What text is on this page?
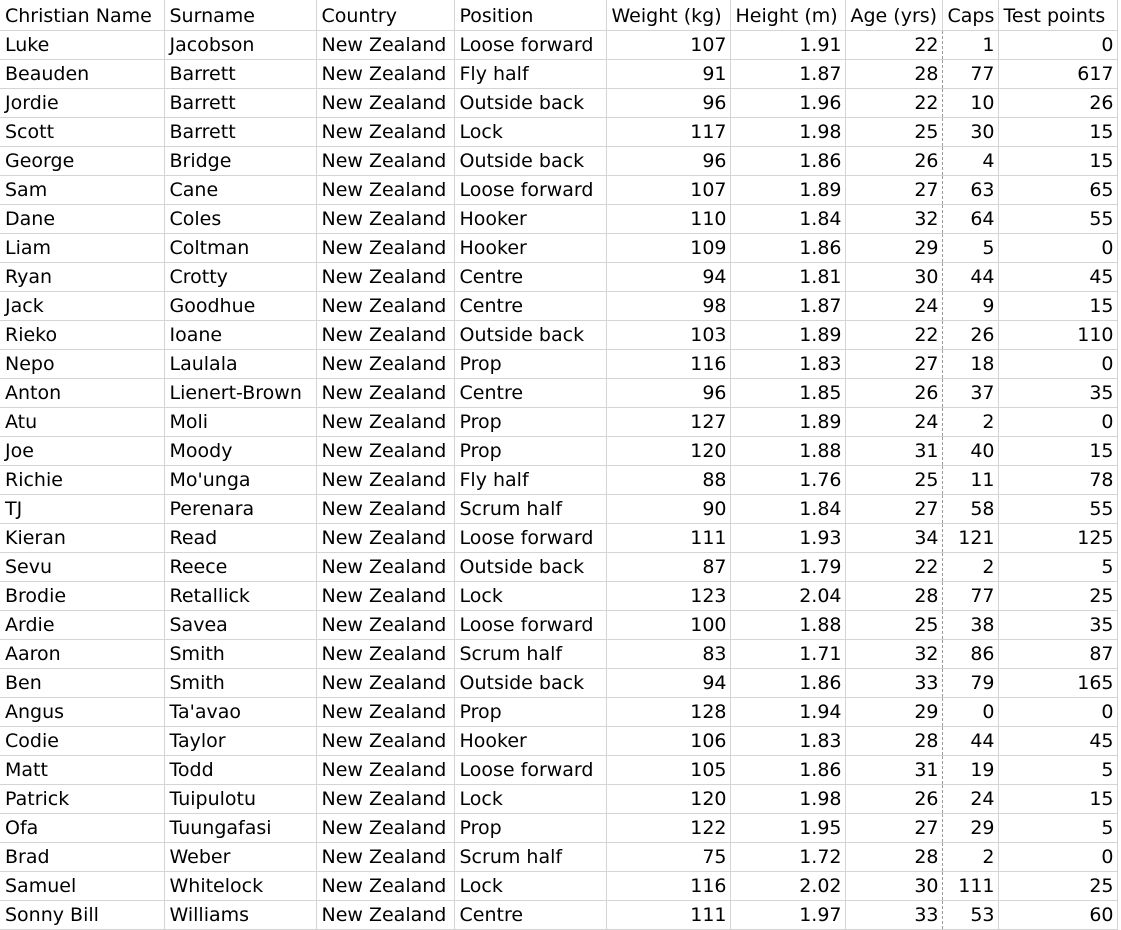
Christian Name	Surname	Country	Position	Weight (kg)	Height (m)	Age (yrs)	Caps	Test points
Luke	Jacobson	New Zealand	Loose forward	107	1.91	22	1	0
Beauden	Barrett	New Zealand	Fly half	91	1.87	28	77	617
Jordie	Barrett	New Zealand	Outside back	96	1.96	22	10	26
Scott	Barrett	New Zealand	Lock	117	1.98	25	30	15
George	Bridge	New Zealand	Outside back	96	1.86	26	4	15
Sam	Cane	New Zealand	Loose forward	107	1.89	27	63	65
Dane	Coles	New Zealand	Hooker	110	1.84	32	64	55
Liam	Coltman	New Zealand	Hooker	109	1.86	29	5	0
Ryan	Crotty	New Zealand	Centre	94	1.81	30	44	45
Jack	Goodhue	New Zealand	Centre	98	1.87	24	9	15
Rieko	Ioane	New Zealand	Outside back	103	1.89	22	26	110
Nepo	Laulala	New Zealand	Prop	116	1.83	27	18	0
Anton	Lienert-Brown	New Zealand	Centre	96	1.85	26	37	35
Atu	Moli	New Zealand	Prop	127	1.89	24	2	0
Joe	Moody	New Zealand	Prop	120	1.88	31	40	15
Richie	Mo'unga	New Zealand	Fly half	88	1.76	25	11	78
TJ	Perenara	New Zealand	Scrum half	90	1.84	27	58	55
Kieran	Read	New Zealand	Loose forward	111	1.93	34	121	125
Sevu	Reece	New Zealand	Outside back	87	1.79	22	2	5
Brodie	Retallick	New Zealand	Lock	123	2.04	28	77	25
Ardie	Savea	New Zealand	Loose forward	100	1.88	25	38	35
Aaron	Smith	New Zealand	Scrum half	83	1.71	32	86	87
Ben	Smith	New Zealand	Outside back	94	1.86	33	79	165
Angus	Ta'avao	New Zealand	Prop	128	1.94	29	0	0
Codie	Taylor	New Zealand	Hooker	106	1.83	28	44	45
Matt	Todd	New Zealand	Loose forward	105	1.86	31	19	5
Patrick	Tuipulotu	New Zealand	Lock	120	1.98	26	24	15
Ofa	Tuungafasi	New Zealand	Prop	122	1.95	27	29	5
Brad	Weber	New Zealand	Scrum half	75	1.72	28	2	0
Samuel	Whitelock	New Zealand	Lock	116	2.02	30	111	25
Sonny Bill	Williams	New Zealand	Centre	111	1.97	33	53	60
